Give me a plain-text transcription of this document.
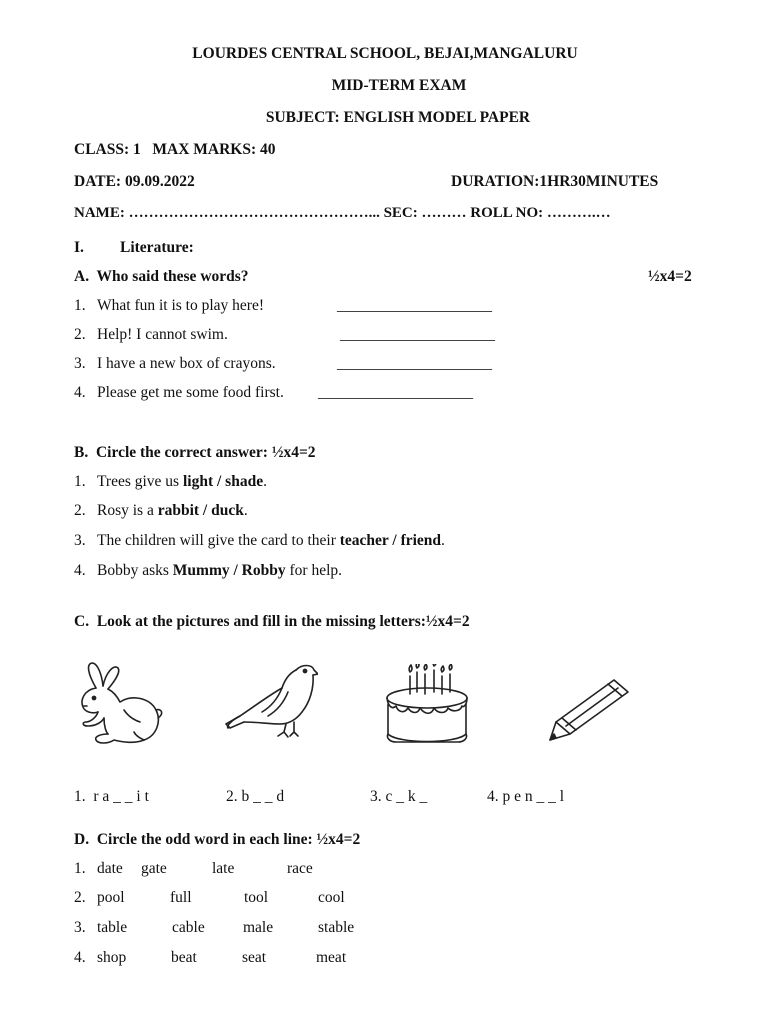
LOURDES CENTRAL SCHOOL, BEJAI,MANGALURU
MID-TERM EXAM
SUBJECT: ENGLISH MODEL PAPER
CLASS: 1   MAX MARKS: 40
DATE: 09.09.2022	DURATION:1HR30MINUTES
NAME: …………………………………………... SEC: ……… ROLL NO: ……….…
I. Literature:
A.  Who said these words?	½x4=2
1. What fun it is to play here!	____________________
2. Help! I cannot swim.	____________________
3. I have a new box of crayons.	____________________
4. Please get me some food first. ____________________
B.  Circle the correct answer: ½x4=2
1. Trees give us light / shade.
2. Rosy is a rabbit / duck.
3. The children will give the card to their teacher / friend.
4. Bobby asks Mummy / Robby for help.
C.  Look at the pictures and fill in the missing letters:½x4=2
1.  r a _ _ i t	2. b _ _ d	3. c _ k _	4. p e n _ _ l
D.  Circle the odd word in each line: ½x4=2
1. date gate	late	race
2. pool	full	tool	cool
3. table	cable male	stable
4. shop	beat	seat	meat
